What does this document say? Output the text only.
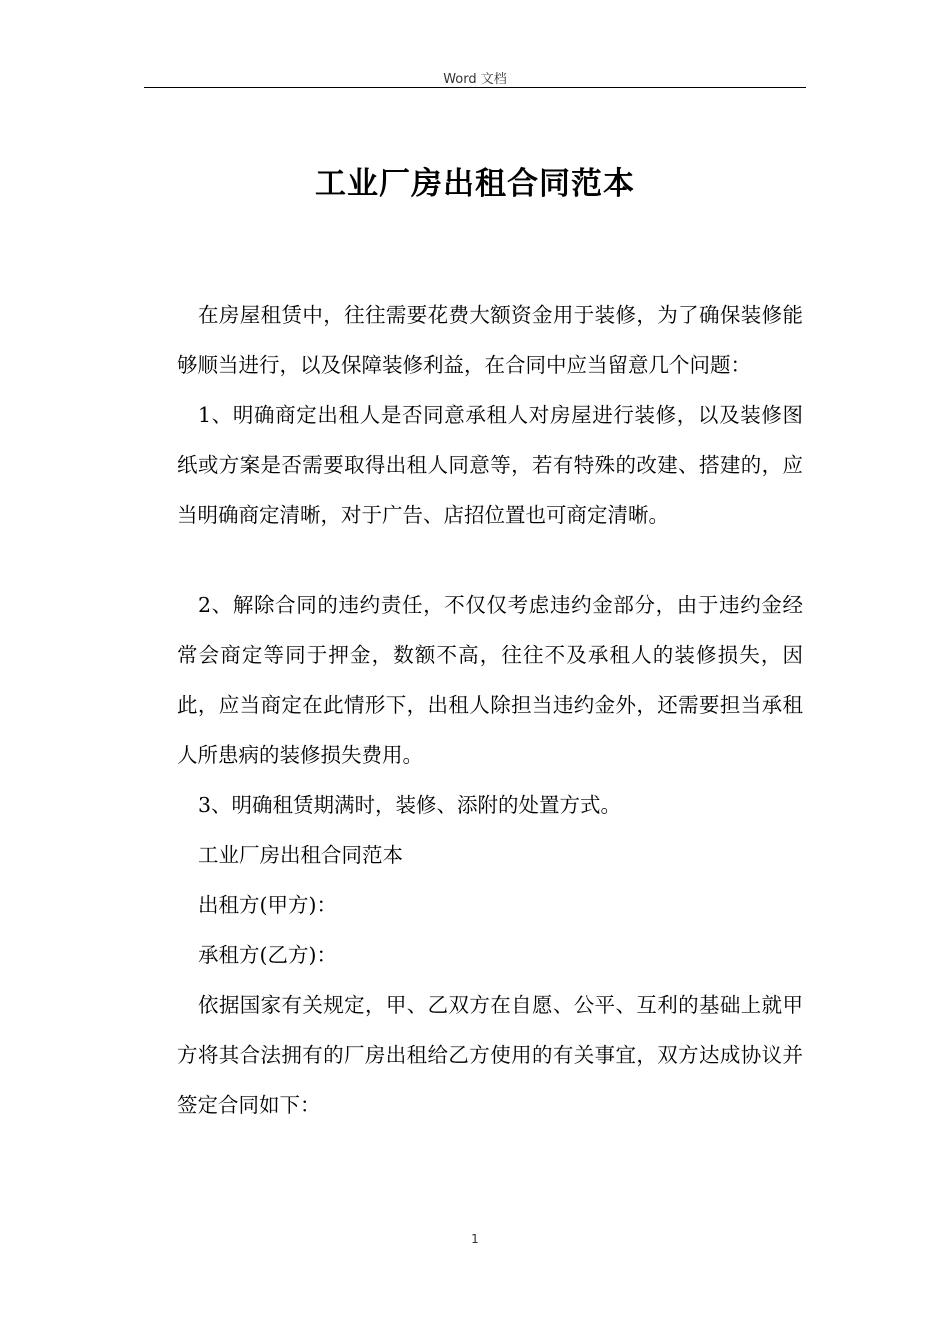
Word 文档
工业厂房出租合同范本

在房屋租赁中，往往需要花费大额资金用于装修，为了确保装修能够顺当进行，以及保障装修利益，在合同中应当留意几个问题：

1、明确商定出租人是否同意承租人对房屋进行装修，以及装修图纸或方案是否需要取得出租人同意等，若有特殊的改建、搭建的，应当明确商定清晰，对于广告、店招位置也可商定清晰。

2、解除合同的违约责任，不仅仅考虑违约金部分，由于违约金经常会商定等同于押金，数额不高，往往不及承租人的装修损失，因此，应当商定在此情形下，出租人除担当违约金外，还需要担当承租人所患病的装修损失费用。

3、明确租赁期满时，装修、添附的处置方式。

工业厂房出租合同范本

出租方(甲方)：

承租方(乙方)：

依据国家有关规定，甲、乙双方在自愿、公平、互利的基础上就甲方将其合法拥有的厂房出租给乙方使用的有关事宜，双方达成协议并签定合同如下：

1
